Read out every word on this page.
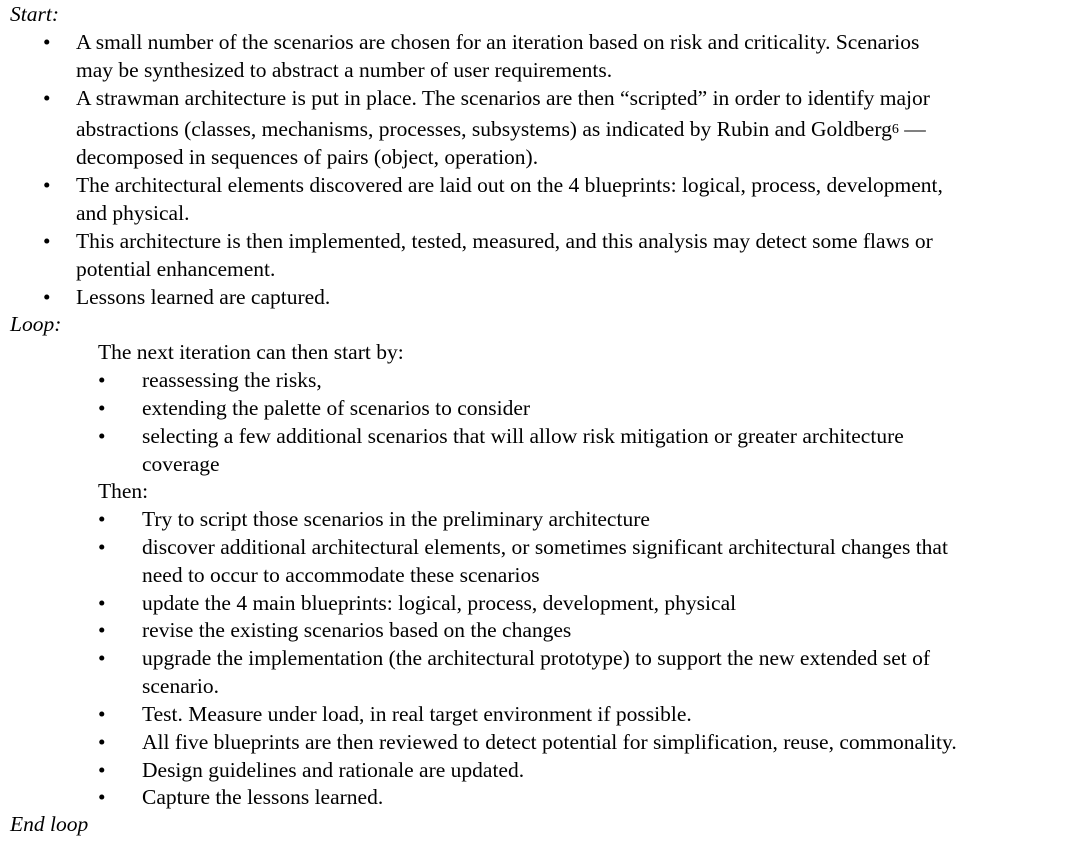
Start:
• A small number of the scenarios are chosen for an iteration based on risk and criticality. Scenarios
may be synthesized to abstract a number of user requirements.
• A strawman architecture is put in place. The scenarios are then “scripted” in order to identify major
abstractions (classes, mechanisms, processes, subsystems) as indicated by Rubin and Goldberg$^6$ —
decomposed in sequences of pairs (object, operation).
• The architectural elements discovered are laid out on the 4 blueprints: logical, process, development,
and physical.
• This architecture is then implemented, tested, measured, and this analysis may detect some flaws or
potential enhancement.
• Lessons learned are captured.
Loop:
The next iteration can then start by:
• reassessing the risks,
• extending the palette of scenarios to consider
• selecting a few additional scenarios that will allow risk mitigation or greater architecture
coverage
Then:
• Try to script those scenarios in the preliminary architecture
• discover additional architectural elements, or sometimes significant architectural changes that
need to occur to accommodate these scenarios
• update the 4 main blueprints: logical, process, development, physical
• revise the existing scenarios based on the changes
• upgrade the implementation (the architectural prototype) to support the new extended set of
scenario.
• Test. Measure under load, in real target environment if possible.
• All five blueprints are then reviewed to detect potential for simplification, reuse, commonality.
• Design guidelines and rationale are updated.
• Capture the lessons learned.
End loop
